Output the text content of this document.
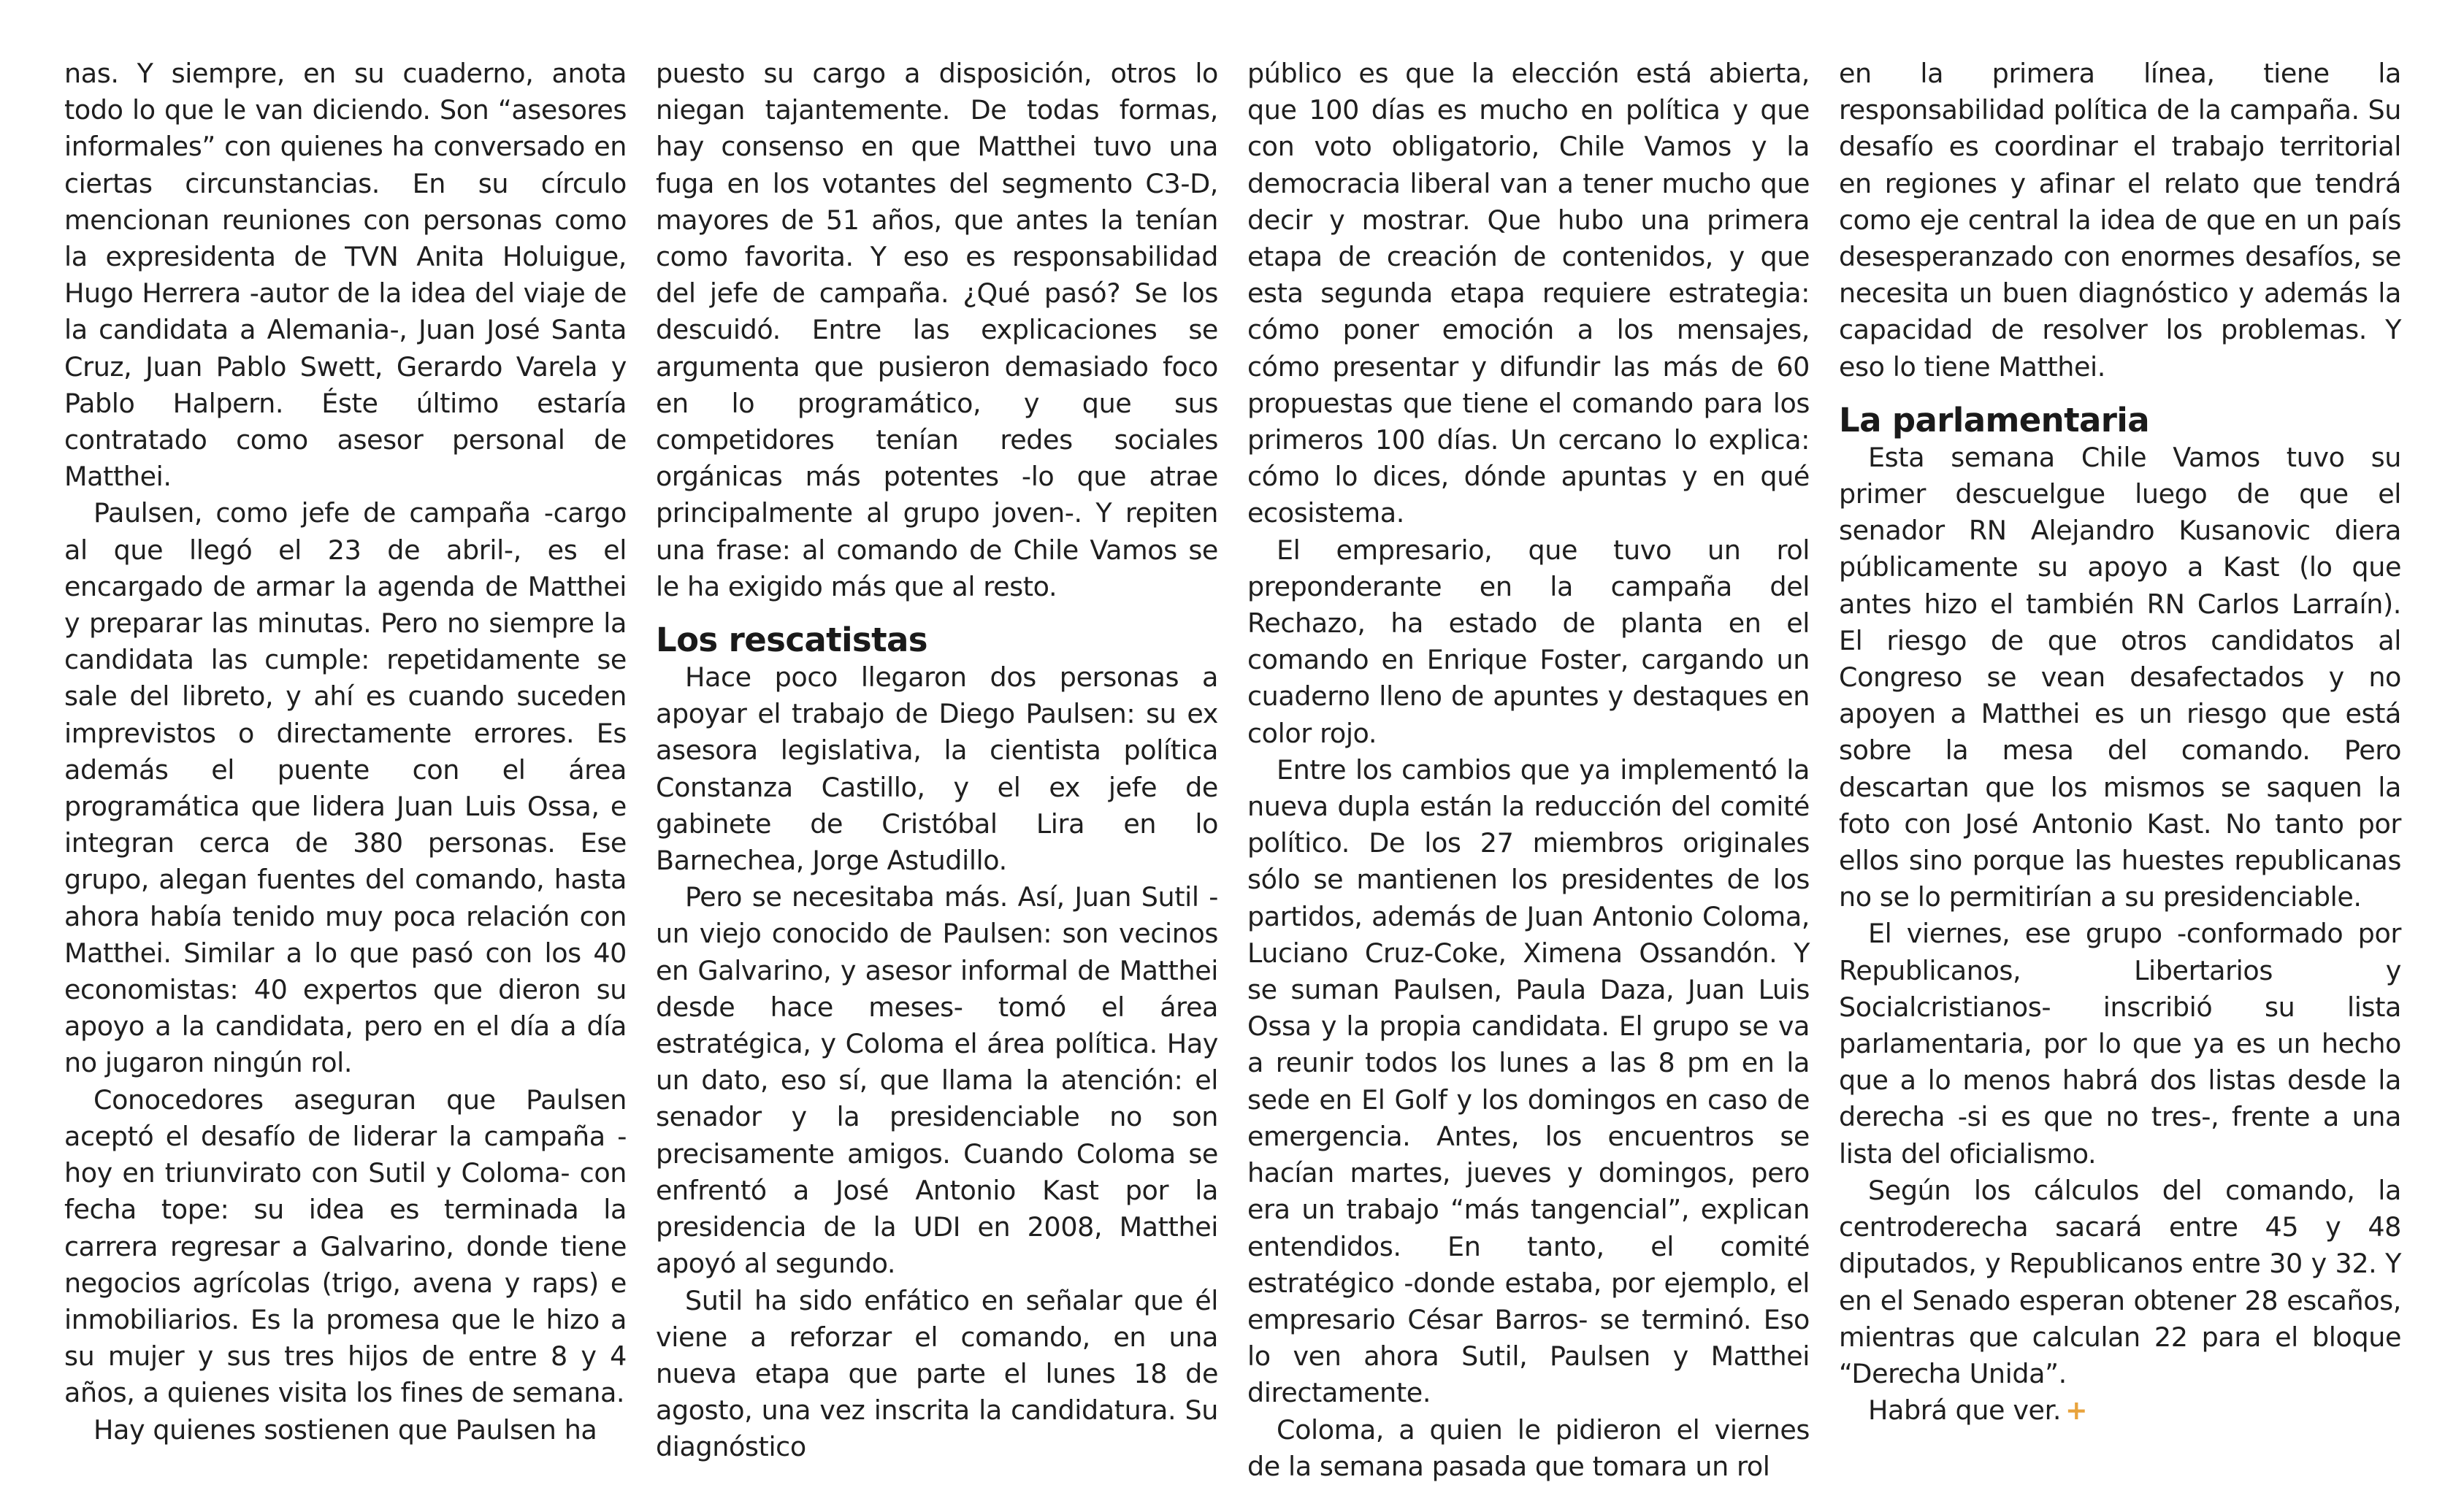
nas. Y siempre, en su cuaderno, anota todo lo que le van diciendo. Son “asesores informales” con quienes ha conversado en ciertas circunstancias. En su círculo mencionan reuniones con personas como la expresidenta de TVN Anita Holuigue, Hugo Herrera -autor de la idea del viaje de la candidata a Alemania-, Juan José Santa Cruz, Juan Pablo Swett, Gerardo Varela y Pablo Halpern. Éste último estaría contratado como asesor personal de Matthei.

Paulsen, como jefe de campaña -cargo al que llegó el 23 de abril-, es el encargado de armar la agenda de Matthei y preparar las minutas. Pero no siempre la candidata las cumple: repetidamente se sale del libreto, y ahí es cuando suceden imprevistos o directamente errores. Es además el puente con el área programática que lidera Juan Luis Ossa, e integran cerca de 380 personas. Ese grupo, alegan fuentes del comando, hasta ahora había tenido muy poca relación con Matthei. Similar a lo que pasó con los 40 economistas: 40 expertos que dieron su apoyo a la candidata, pero en el día a día no jugaron ningún rol.

Conocedores aseguran que Paulsen aceptó el desafío de liderar la campaña -hoy en triunvirato con Sutil y Coloma- con fecha tope: su idea es terminada la carrera regresar a Galvarino, donde tiene negocios agrícolas (trigo, avena y raps) e inmobiliarios. Es la promesa que le hizo a su mujer y sus tres hijos de entre 8 y 4 años, a quienes visita los fines de semana.

Hay quienes sostienen que Paulsen ha

puesto su cargo a disposición, otros lo niegan tajantemente. De todas formas, hay consenso en que Matthei tuvo una fuga en los votantes del segmento C3-D, mayores de 51 años, que antes la tenían como favorita. Y eso es responsabilidad del jefe de campaña. ¿Qué pasó? Se los descuidó. Entre las explicaciones se argumenta que pusieron demasiado foco en lo programático, y que sus competidores tenían redes sociales orgánicas más potentes -lo que atrae principalmente al grupo joven-. Y repiten una frase: al comando de Chile Vamos se le ha exigido más que al resto.

Los rescatistas

Hace poco llegaron dos personas a apoyar el trabajo de Diego Paulsen: su ex asesora legislativa, la cientista política Constanza Castillo, y el ex jefe de gabinete de Cristóbal Lira en lo Barnechea, Jorge Astudillo.

Pero se necesitaba más. Así, Juan Sutil -un viejo conocido de Paulsen: son vecinos en Galvarino, y asesor informal de Matthei desde hace meses- tomó el área estratégica, y Coloma el área política. Hay un dato, eso sí, que llama la atención: el senador y la presidenciable no son precisamente amigos. Cuando Coloma se enfrentó a José Antonio Kast por la presidencia de la UDI en 2008, Matthei apoyó al segundo.

Sutil ha sido enfático en señalar que él viene a reforzar el comando, en una nueva etapa que parte el lunes 18 de agosto, una vez inscrita la candidatura. Su diagnóstico

público es que la elección está abierta, que 100 días es mucho en política y que con voto obligatorio, Chile Vamos y la democracia liberal van a tener mucho que decir y mostrar. Que hubo una primera etapa de creación de contenidos, y que esta segunda etapa requiere estrategia: cómo poner emoción a los mensajes, cómo presentar y difundir las más de 60 propuestas que tiene el comando para los primeros 100 días. Un cercano lo explica: cómo lo dices, dónde apuntas y en qué ecosistema.

El empresario, que tuvo un rol preponderante en la campaña del Rechazo, ha estado de planta en el comando en Enrique Foster, cargando un cuaderno lleno de apuntes y destaques en color rojo.

Entre los cambios que ya implementó la nueva dupla están la reducción del comité político. De los 27 miembros originales sólo se mantienen los presidentes de los partidos, además de Juan Antonio Coloma, Luciano Cruz-Coke, Ximena Ossandón. Y se suman Paulsen, Paula Daza, Juan Luis Ossa y la propia candidata. El grupo se va a reunir todos los lunes a las 8 pm en la sede en El Golf y los domingos en caso de emergencia. Antes, los encuentros se hacían martes, jueves y domingos, pero era un trabajo “más tangencial”, explican entendidos. En tanto, el comité estratégico -donde estaba, por ejemplo, el empresario César Barros- se terminó. Eso lo ven ahora Sutil, Paulsen y Matthei directamente.

Coloma, a quien le pidieron el viernes de la semana pasada que tomara un rol

en la primera línea, tiene la responsabilidad política de la campaña. Su desafío es coordinar el trabajo territorial en regiones y afinar el relato que tendrá como eje central la idea de que en un país desesperanzado con enormes desafíos, se necesita un buen diagnóstico y además la capacidad de resolver los problemas. Y eso lo tiene Matthei.

La parlamentaria

Esta semana Chile Vamos tuvo su primer descuelgue luego de que el senador RN Alejandro Kusanovic diera públicamente su apoyo a Kast (lo que antes hizo el también RN Carlos Larraín). El riesgo de que otros candidatos al Congreso se vean desafectados y no apoyen a Matthei es un riesgo que está sobre la mesa del comando. Pero descartan que los mismos se saquen la foto con José Antonio Kast. No tanto por ellos sino porque las huestes republicanas no se lo permitirían a su presidenciable.

El viernes, ese grupo -conformado por Republicanos, Libertarios y Socialcristianos- inscribió su lista parlamentaria, por lo que ya es un hecho que a lo menos habrá dos listas desde la derecha -si es que no tres-, frente a una lista del oficialismo.

Según los cálculos del comando, la centroderecha sacará entre 45 y 48 diputados, y Republicanos entre 30 y 32. Y en el Senado esperan obtener 28 escaños, mientras que calculan 22 para el bloque “Derecha Unida”.

Habrá que ver. +
